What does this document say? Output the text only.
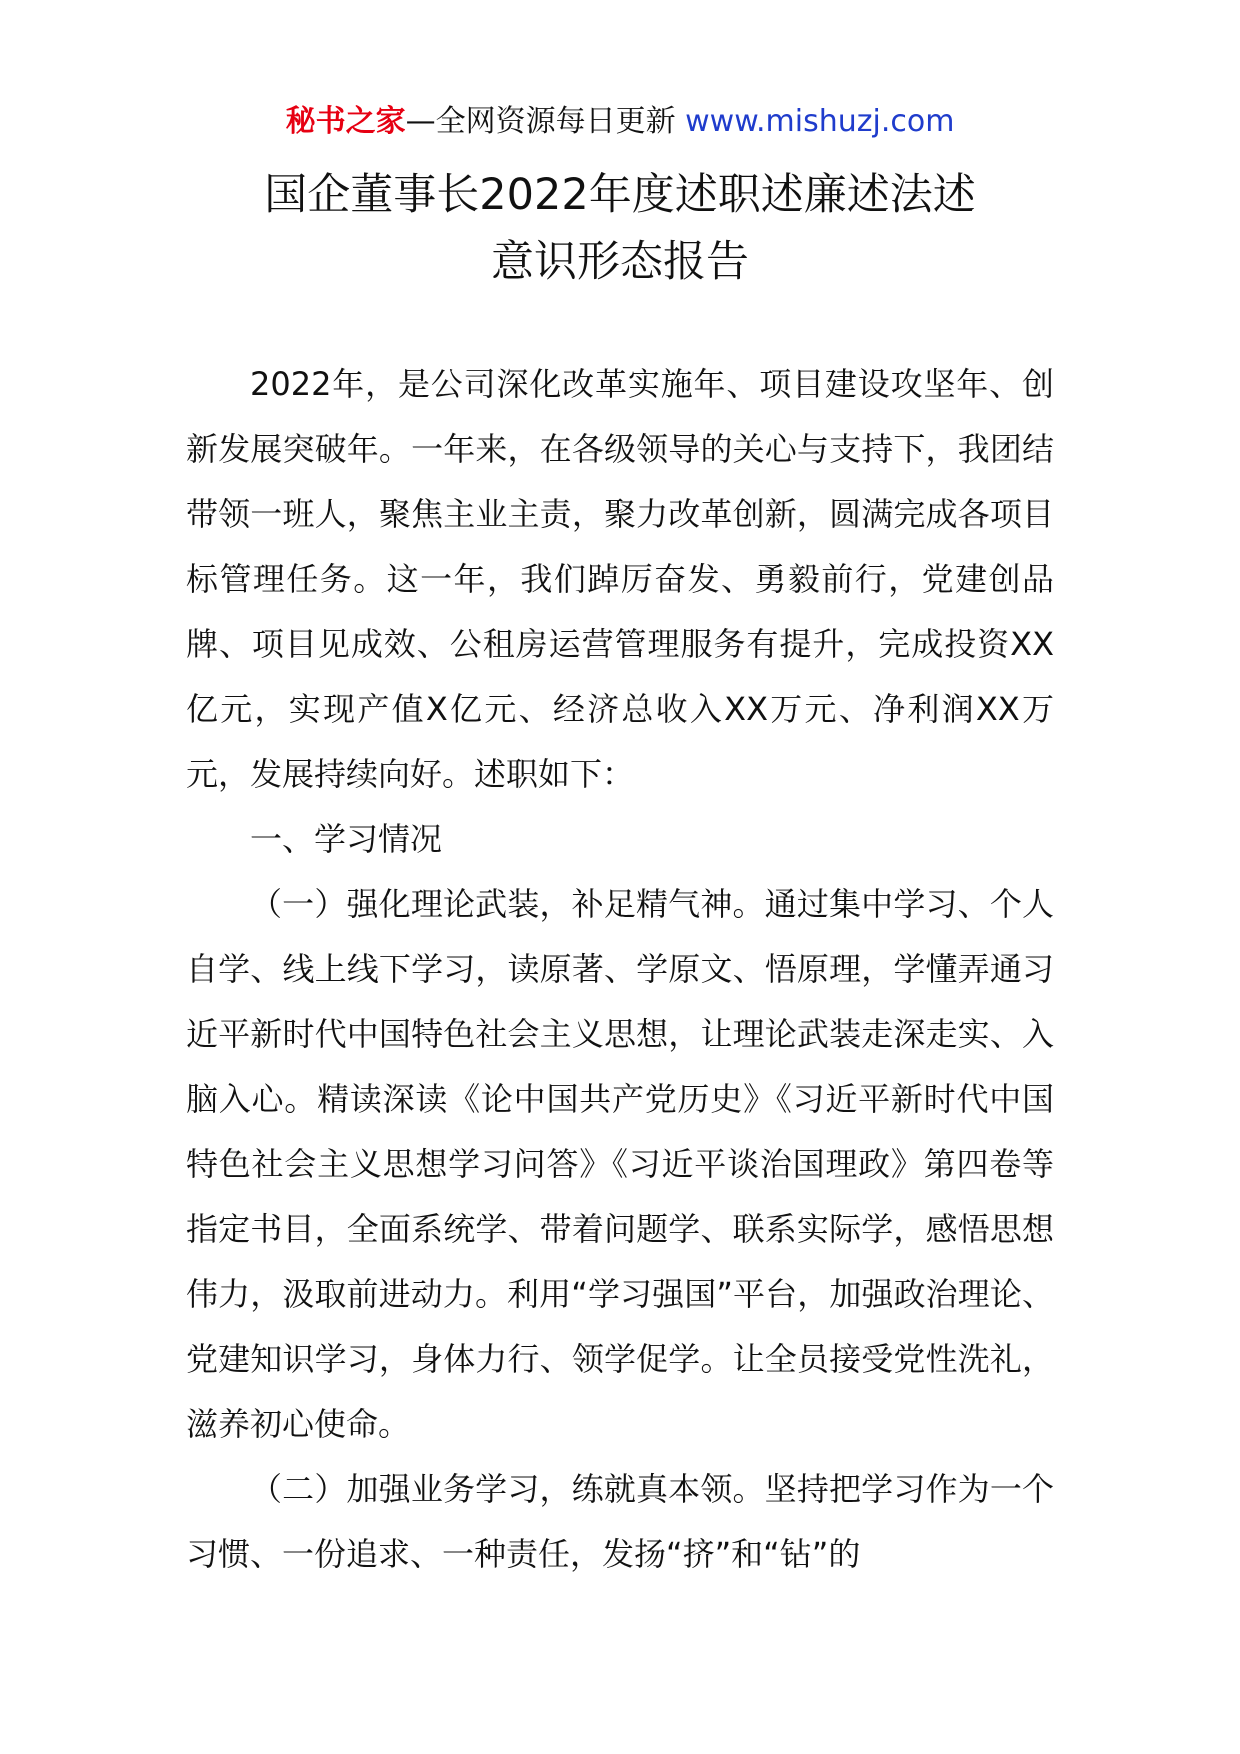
秘书之家—全网资源每日更新 www.mishuzj.com
国企董事长2022年度述职述廉述法述
意识形态报告

2022年，是公司深化改革实施年、项目建设攻坚年、创新发展突破年。一年来，在各级领导的关心与支持下，我团结带领一班人，聚焦主业主责，聚力改革创新，圆满完成各项目标管理任务。这一年，我们踔厉奋发、勇毅前行，党建创品牌、项目见成效、公租房运营管理服务有提升，完成投资XX亿元，实现产值X亿元、经济总收入XX万元、净利润XX万元，发展持续向好。述职如下：

一、学习情况

（一）强化理论武装，补足精气神。通过集中学习、个人自学、线上线下学习，读原著、学原文、悟原理，学懂弄通习近平新时代中国特色社会主义思想，让理论武装走深走实、入脑入心。精读深读《论中国共产党历史》《习近平新时代中国特色社会主义思想学习问答》《习近平谈治国理政》第四卷等指定书目，全面系统学、带着问题学、联系实际学，感悟思想伟力，汲取前进动力。利用“学习强国”平台，加强政治理论、党建知识学习，身体力行、领学促学。让全员接受党性洗礼，滋养初心使命。

（二）加强业务学习，练就真本领。坚持把学习作为一个习惯、一份追求、一种责任，发扬“挤”和“钻”的
